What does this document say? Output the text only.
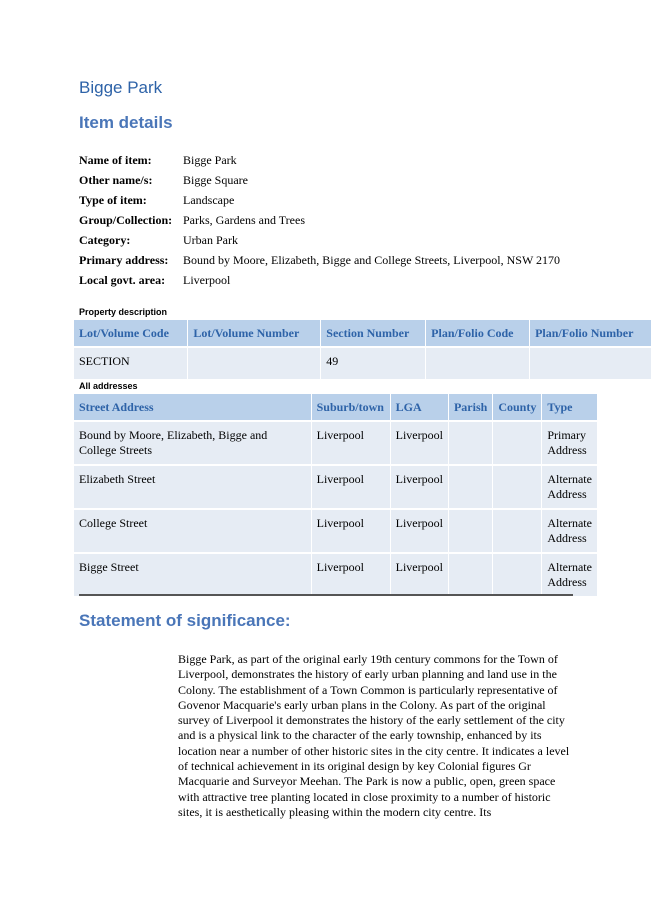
Bigge Park
Item details
Name of item:	Bigge Park
Other name/s:	Bigge Square
Type of item:	Landscape
Group/Collection: Parks, Gardens and Trees
Category:	Urban Park
Primary address:	Bound by Moore, Elizabeth, Bigge and College Streets, Liverpool, NSW 2170
Local govt. area:	Liverpool
Property description
Lot/Volume Code	Lot/Volume Number	Section Number	Plan/Folio Code	Plan/Folio Number
SECTION		49		
All addresses
Street Address	Suburb/town	LGA	Parish	County	Type

Bound by Moore, Elizabeth, Bigge and College Streets	Liverpool	Liverpool			Primary Address
Elizabeth Street	Liverpool	Liverpool			Alternate Address
College Street	Liverpool	Liverpool			Alternate Address
Bigge Street	Liverpool	Liverpool			Alternate Address
Statement of significance:
Bigge Park, as part of the original early 19th century commons for the Town of Liverpool, demonstrates the history of early urban planning and land use in the Colony. The establishment of a Town Common is particularly representative of Govenor Macquarie's early urban plans in the Colony. As part of the original survey of Liverpool it demonstrates the history of the early settlement of the city and is a physical link to the character of the early township, enhanced by its location near a number of other historic sites in the city centre. It indicates a level of technical achievement in its original design by key Colonial figures Gr Macquarie and Surveyor Meehan. The Park is now a public, open, green space with attractive tree planting located in close proximity to a number of historic sites, it is aesthetically pleasing within the modern city centre. Its
